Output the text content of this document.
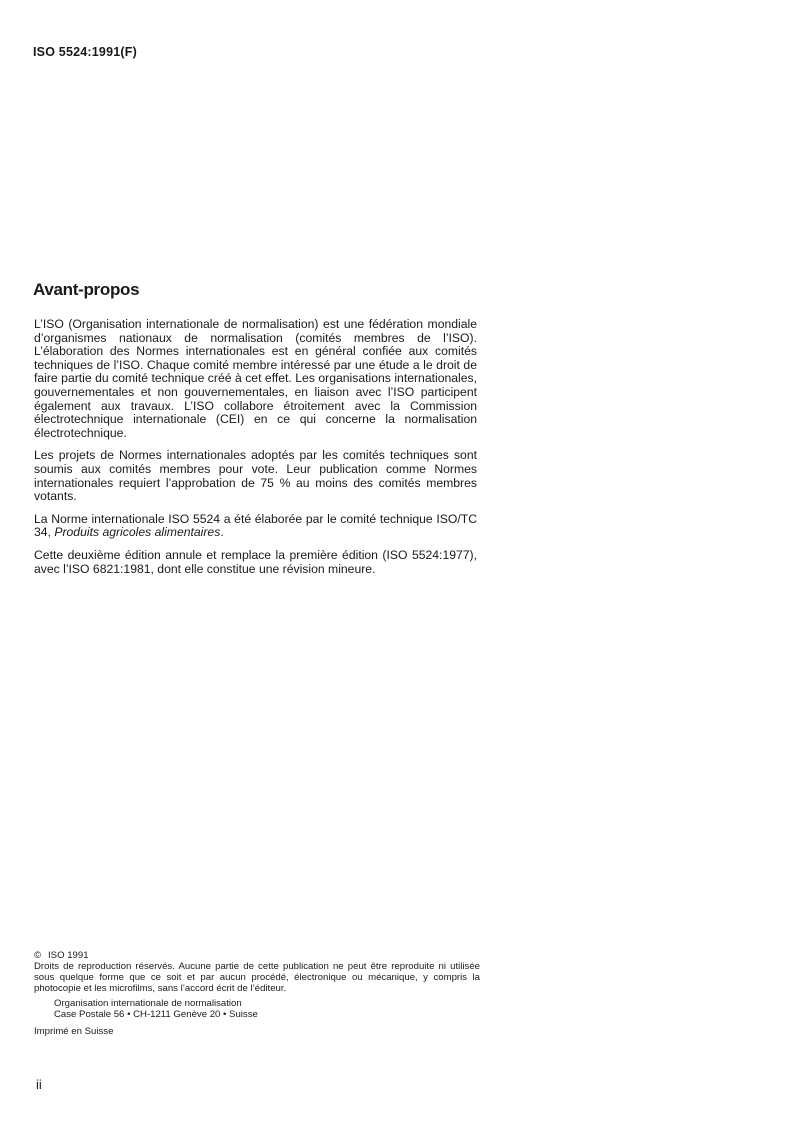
ISO 5524:1991(F)
Avant-propos

L’ISO (Organisation internationale de normalisation) est une fédération mondiale d’organismes nationaux de normalisation (comités membres de l’ISO). L’élaboration des Normes internationales est en général confiée aux comités techniques de l’ISO. Chaque comité membre intéressé par une étude a le droit de faire partie du comité technique créé à cet effet. Les organisations internationales, gouvernementales et non gouvernementales, en liaison avec l’ISO participent également aux travaux. L’ISO collabore étroitement avec la Commission électrotechnique internationale (CEI) en ce qui concerne la normalisation électrotechnique.

Les projets de Normes internationales adoptés par les comités techniques sont soumis aux comités membres pour vote. Leur publication comme Normes internationales requiert l’approbation de 75 % au moins des comités membres votants.

La Norme internationale ISO 5524 a été élaborée par le comité technique ISO/TC 34, Produits agricoles alimentaires.

Cette deuxième édition annule et remplace la première édition (ISO 5524:1977), avec l’ISO 6821:1981, dont elle constitue une révision mineure.

© ISO 1991

Droits de reproduction réservés. Aucune partie de cette publication ne peut être reproduite ni utilisée sous quelque forme que ce soit et par aucun procédé, électronique ou mécanique, y compris la photocopie et les microfilms, sans l’accord écrit de l’éditeur.

Organisation internationale de normalisation

Case Postale 56 • CH-1211 Genève 20 • Suisse

Imprimé en Suisse

ii
